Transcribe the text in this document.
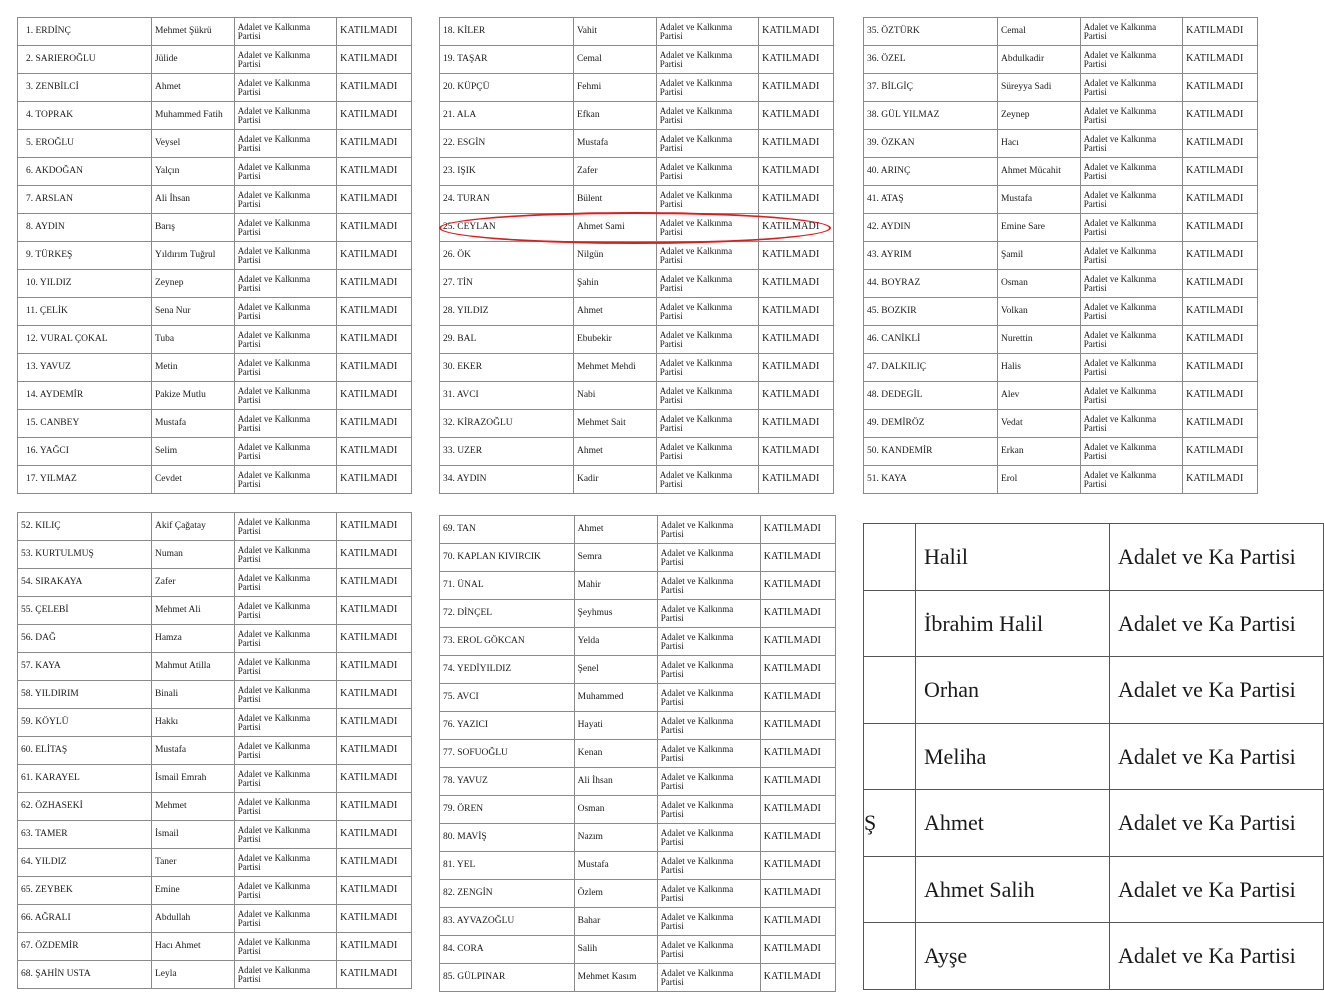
1. ERDİNÇ	Mehmet Şükrü	Adalet ve Kalkınma Partisi	KATILMADI
2. SARIEROĞLU	Jülide	Adalet ve Kalkınma Partisi	KATILMADI
3. ZENBİLCİ	Ahmet	Adalet ve Kalkınma Partisi	KATILMADI
4. TOPRAK	Muhammed Fatih	Adalet ve Kalkınma Partisi	KATILMADI
5. EROĞLU	Veysel	Adalet ve Kalkınma Partisi	KATILMADI
6. AKDOĞAN	Yalçın	Adalet ve Kalkınma Partisi	KATILMADI
7. ARSLAN	Ali İhsan	Adalet ve Kalkınma Partisi	KATILMADI
8. AYDIN	Barış	Adalet ve Kalkınma Partisi	KATILMADI
9. TÜRKEŞ	Yıldırım Tuğrul	Adalet ve Kalkınma Partisi	KATILMADI
10. YILDIZ	Zeynep	Adalet ve Kalkınma Partisi	KATILMADI
11. ÇELİK	Sena Nur	Adalet ve Kalkınma Partisi	KATILMADI
12. VURAL ÇOKAL	Tuba	Adalet ve Kalkınma Partisi	KATILMADI
13. YAVUZ	Metin	Adalet ve Kalkınma Partisi	KATILMADI
14. AYDEMİR	Pakize Mutlu	Adalet ve Kalkınma Partisi	KATILMADI
15. CANBEY	Mustafa	Adalet ve Kalkınma Partisi	KATILMADI
16. YAĞCI	Selim	Adalet ve Kalkınma Partisi	KATILMADI
17. YILMAZ	Cevdet	Adalet ve Kalkınma Partisi	KATILMADI
18. KİLER	Vahit	Adalet ve Kalkınma Partisi	KATILMADI
19. TAŞAR	Cemal	Adalet ve Kalkınma Partisi	KATILMADI
20. KÜPÇÜ	Fehmi	Adalet ve Kalkınma Partisi	KATILMADI
21. ALA	Efkan	Adalet ve Kalkınma Partisi	KATILMADI
22. ESGİN	Mustafa	Adalet ve Kalkınma Partisi	KATILMADI
23. IŞIK	Zafer	Adalet ve Kalkınma Partisi	KATILMADI
24. TURAN	Bülent	Adalet ve Kalkınma Partisi	KATILMADI
25. CEYLAN	Ahmet Sami	Adalet ve Kalkınma Partisi	KATILMADI
26. ÖK	Nilgün	Adalet ve Kalkınma Partisi	KATILMADI
27. TİN	Şahin	Adalet ve Kalkınma Partisi	KATILMADI
28. YILDIZ	Ahmet	Adalet ve Kalkınma Partisi	KATILMADI
29. BAL	Ebubekir	Adalet ve Kalkınma Partisi	KATILMADI
30. EKER	Mehmet Mehdi	Adalet ve Kalkınma Partisi	KATILMADI
31. AVCI	Nabi	Adalet ve Kalkınma Partisi	KATILMADI
32. KİRAZOĞLU	Mehmet Sait	Adalet ve Kalkınma Partisi	KATILMADI
33. UZER	Ahmet	Adalet ve Kalkınma Partisi	KATILMADI
34. AYDIN	Kadir	Adalet ve Kalkınma Partisi	KATILMADI
35. ÖZTÜRK	Cemal	Adalet ve Kalkınma Partisi	KATILMADI
36. ÖZEL	Abdulkadir	Adalet ve Kalkınma Partisi	KATILMADI
37. BİLGİÇ	Süreyya Sadi	Adalet ve Kalkınma Partisi	KATILMADI
38. GÜL YILMAZ	Zeynep	Adalet ve Kalkınma Partisi	KATILMADI
39. ÖZKAN	Hacı	Adalet ve Kalkınma Partisi	KATILMADI
40. ARINÇ	Ahmet Mücahit	Adalet ve Kalkınma Partisi	KATILMADI
41. ATAŞ	Mustafa	Adalet ve Kalkınma Partisi	KATILMADI
42. AYDIN	Emine Sare	Adalet ve Kalkınma Partisi	KATILMADI
43. AYRIM	Şamil	Adalet ve Kalkınma Partisi	KATILMADI
44. BOYRAZ	Osman	Adalet ve Kalkınma Partisi	KATILMADI
45. BOZKIR	Volkan	Adalet ve Kalkınma Partisi	KATILMADI
46. CANİKLİ	Nurettin	Adalet ve Kalkınma Partisi	KATILMADI
47. DALKILIÇ	Halis	Adalet ve Kalkınma Partisi	KATILMADI
48. DEDEGİL	Alev	Adalet ve Kalkınma Partisi	KATILMADI
49. DEMİRÖZ	Vedat	Adalet ve Kalkınma Partisi	KATILMADI
50. KANDEMİR	Erkan	Adalet ve Kalkınma Partisi	KATILMADI
51. KAYA	Erol	Adalet ve Kalkınma Partisi	KATILMADI
52. KILIÇ	Akif Çağatay	Adalet ve Kalkınma Partisi	KATILMADI
53. KURTULMUŞ	Numan	Adalet ve Kalkınma Partisi	KATILMADI
54. SIRAKAYA	Zafer	Adalet ve Kalkınma Partisi	KATILMADI
55. ÇELEBİ	Mehmet Ali	Adalet ve Kalkınma Partisi	KATILMADI
56. DAĞ	Hamza	Adalet ve Kalkınma Partisi	KATILMADI
57. KAYA	Mahmut Atilla	Adalet ve Kalkınma Partisi	KATILMADI
58. YILDIRIM	Binali	Adalet ve Kalkınma Partisi	KATILMADI
59. KÖYLÜ	Hakkı	Adalet ve Kalkınma Partisi	KATILMADI
60. ELİTAŞ	Mustafa	Adalet ve Kalkınma Partisi	KATILMADI
61. KARAYEL	İsmail Emrah	Adalet ve Kalkınma Partisi	KATILMADI
62. ÖZHASEKİ	Mehmet	Adalet ve Kalkınma Partisi	KATILMADI
63. TAMER	İsmail	Adalet ve Kalkınma Partisi	KATILMADI
64. YILDIZ	Taner	Adalet ve Kalkınma Partisi	KATILMADI
65. ZEYBEK	Emine	Adalet ve Kalkınma Partisi	KATILMADI
66. AĞRALI	Abdullah	Adalet ve Kalkınma Partisi	KATILMADI
67. ÖZDEMİR	Hacı Ahmet	Adalet ve Kalkınma Partisi	KATILMADI
68. ŞAHİN USTA	Leyla	Adalet ve Kalkınma Partisi	KATILMADI
69. TAN	Ahmet	Adalet ve Kalkınma Partisi	KATILMADI
70. KAPLAN KIVIRCIK	Semra	Adalet ve Kalkınma Partisi	KATILMADI
71. ÜNAL	Mahir	Adalet ve Kalkınma Partisi	KATILMADI
72. DİNÇEL	Şeyhmus	Adalet ve Kalkınma Partisi	KATILMADI
73. EROL GÖKCAN	Yelda	Adalet ve Kalkınma Partisi	KATILMADI
74. YEDİYILDIZ	Şenel	Adalet ve Kalkınma Partisi	KATILMADI
75. AVCI	Muhammed	Adalet ve Kalkınma Partisi	KATILMADI
76. YAZICI	Hayati	Adalet ve Kalkınma Partisi	KATILMADI
77. SOFUOĞLU	Kenan	Adalet ve Kalkınma Partisi	KATILMADI
78. YAVUZ	Ali İhsan	Adalet ve Kalkınma Partisi	KATILMADI
79. ÖREN	Osman	Adalet ve Kalkınma Partisi	KATILMADI
80. MAVİŞ	Nazım	Adalet ve Kalkınma Partisi	KATILMADI
81. YEL	Mustafa	Adalet ve Kalkınma Partisi	KATILMADI
82. ZENGİN	Özlem	Adalet ve Kalkınma Partisi	KATILMADI
83. AYVAZOĞLU	Bahar	Adalet ve Kalkınma Partisi	KATILMADI
84. CORA	Salih	Adalet ve Kalkınma Partisi	KATILMADI
85. GÜLPINAR	Mehmet Kasım	Adalet ve Kalkınma Partisi	KATILMADI
	Halil	Adalet ve Ka Partisi
	İbrahim Halil	Adalet ve Ka Partisi
	Orhan	Adalet ve Ka Partisi
	Meliha	Adalet ve Ka Partisi
Ş	Ahmet	Adalet ve Ka Partisi
	Ahmet Salih	Adalet ve Ka Partisi
	Ayşe	Adalet ve Ka Partisi
